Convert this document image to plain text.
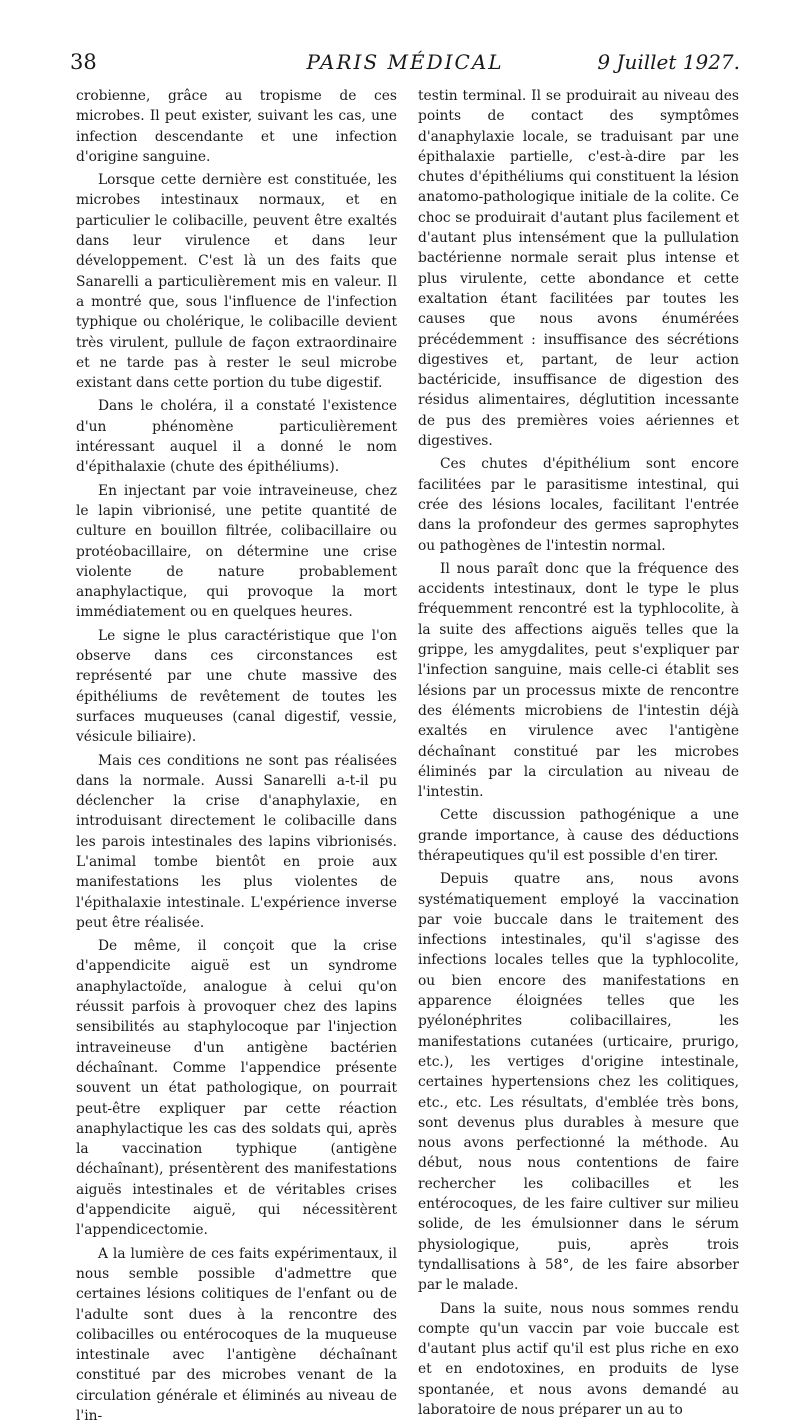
38	PARIS MÉDICAL	9 Juillet 1927.

crobienne, grâce au tropisme de ces microbes. Il peut exister, suivant les cas, une infection descendante et une infection d'origine sanguine.

Lorsque cette dernière est constituée, les microbes intestinaux normaux, et en particulier le colibacille, peuvent être exaltés dans leur virulence et dans leur développement. C'est là un des faits que Sanarelli a particulièrement mis en valeur. Il a montré que, sous l'influence de l'infection typhique ou cholérique, le colibacille devient très virulent, pullule de façon extraordinaire et ne tarde pas à rester le seul microbe existant dans cette portion du tube digestif.

Dans le choléra, il a constaté l'existence d'un phénomène particulièrement intéressant auquel il a donné le nom d'épithalaxie (chute des épithéliums).

En injectant par voie intraveineuse, chez le lapin vibrionisé, une petite quantité de culture en bouillon filtrée, colibacillaire ou protéobacillaire, on détermine une crise violente de nature probablement anaphylactique, qui provoque la mort immédiatement ou en quelques heures.

Le signe le plus caractéristique que l'on observe dans ces circonstances est représenté par une chute massive des épithéliums de revêtement de toutes les surfaces muqueuses (canal digestif, vessie, vésicule biliaire).

Mais ces conditions ne sont pas réalisées dans la normale. Aussi Sanarelli a-t-il pu déclencher la crise d'anaphylaxie, en introduisant directement le colibacille dans les parois intestinales des lapins vibrionisés. L'animal tombe bientôt en proie aux manifestations les plus violentes de l'épithalaxie intestinale. L'expérience inverse peut être réalisée.

De même, il conçoit que la crise d'appendicite aiguë est un syndrome anaphylactoïde, analogue à celui qu'on réussit parfois à provoquer chez des lapins sensibilités au staphylocoque par l'injection intraveineuse d'un antigène bactérien déchaînant. Comme l'appendice présente souvent un état pathologique, on pourrait peut-être expliquer par cette réaction anaphylactique les cas des soldats qui, après la vaccination typhique (antigène déchaînant), présentèrent des manifestations aiguës intestinales et de véritables crises d'appendicite aiguë, qui nécessitèrent l'appendicectomie.

A la lumière de ces faits expérimentaux, il nous semble possible d'admettre que certaines lésions colitiques de l'enfant ou de l'adulte sont dues à la rencontre des colibacilles ou entérocoques de la muqueuse intestinale avec l'antigène déchaînant constitué par des microbes venant de la circulation générale et éliminés au niveau de l'in-

testin terminal. Il se produirait au niveau des points de contact des symptômes d'anaphylaxie locale, se traduisant par une épithalaxie partielle, c'est-à-dire par les chutes d'épithéliums qui constituent la lésion anatomo-pathologique initiale de la colite. Ce choc se produirait d'autant plus facilement et d'autant plus intensément que la pullulation bactérienne normale serait plus intense et plus virulente, cette abondance et cette exaltation étant facilitées par toutes les causes que nous avons énumérées précédemment : insuffisance des sécrétions digestives et, partant, de leur action bactéricide, insuffisance de digestion des résidus alimentaires, déglutition incessante de pus des premières voies aériennes et digestives.

Ces chutes d'épithélium sont encore facilitées par le parasitisme intestinal, qui crée des lésions locales, facilitant l'entrée dans la profondeur des germes saprophytes ou pathogènes de l'intestin normal.

Il nous paraît donc que la fréquence des accidents intestinaux, dont le type le plus fréquemment rencontré est la typhlocolite, à la suite des affections aiguës telles que la grippe, les amygdalites, peut s'expliquer par l'infection sanguine, mais celle-ci établit ses lésions par un processus mixte de rencontre des éléments microbiens de l'intestin déjà exaltés en virulence avec l'antigène déchaînant constitué par les microbes éliminés par la circulation au niveau de l'intestin.

Cette discussion pathogénique a une grande importance, à cause des déductions thérapeutiques qu'il est possible d'en tirer.

Depuis quatre ans, nous avons systématiquement employé la vaccination par voie buccale dans le traitement des infections intestinales, qu'il s'agisse des infections locales telles que la typhlocolite, ou bien encore des manifestations en apparence éloignées telles que les pyélonéphrites colibacillaires, les manifestations cutanées (urticaire, prurigo, etc.), les vertiges d'origine intestinale, certaines hypertensions chez les colitiques, etc., etc. Les résultats, d'emblée très bons, sont devenus plus durables à mesure que nous avons perfectionné la méthode. Au début, nous nous contentions de faire rechercher les colibacilles et les entérocoques, de les faire cultiver sur milieu solide, de les émulsionner dans le sérum physiologique, puis, après trois tyndallisations à 58°, de les faire absorber par le malade.

Dans la suite, nous nous sommes rendu compte qu'un vaccin par voie buccale est d'autant plus actif qu'il est plus riche en exo et en endotoxines, en produits de lyse spontanée, et nous avons demandé au laboratoire de nous préparer un au to
